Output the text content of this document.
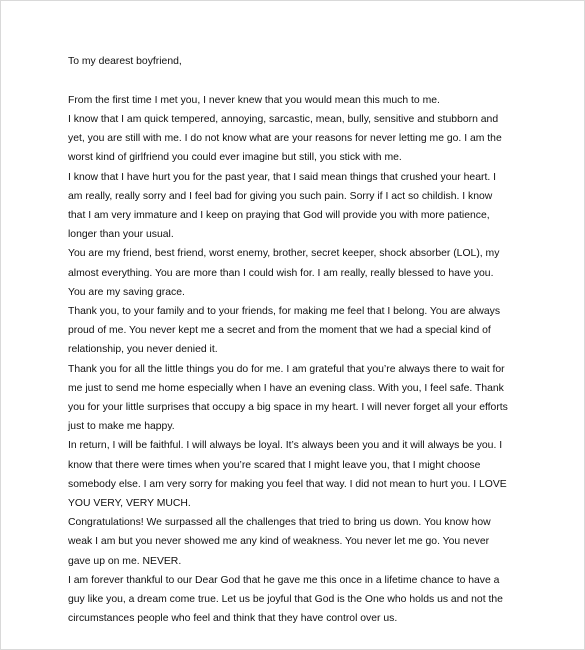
To my dearest boyfriend,

From the first time I met you, I never knew that you would mean this much to me.

I know that I am quick tempered, annoying, sarcastic, mean, bully, sensitive and stubborn and
yet, you are still with me. I do not know what are your reasons for never letting me go. I am the
worst kind of girlfriend you could ever imagine but still, you stick with me.

I know that I have hurt you for the past year, that I said mean things that crushed your heart. I
am really, really sorry and I feel bad for giving you such pain. Sorry if I act so childish. I know
that I am very immature and I keep on praying that God will provide you with more patience,
longer than your usual.

You are my friend, best friend, worst enemy, brother, secret keeper, shock absorber (LOL), my
almost everything. You are more than I could wish for. I am really, really blessed to have you.
You are my saving grace.

Thank you, to your family and to your friends, for making me feel that I belong. You are always
proud of me. You never kept me a secret and from the moment that we had a special kind of
relationship, you never denied it.

Thank you for all the little things you do for me. I am grateful that you’re always there to wait for
me just to send me home especially when I have an evening class. With you, I feel safe. Thank
you for your little surprises that occupy a big space in my heart. I will never forget all your efforts
just to make me happy.

In return, I will be faithful. I will always be loyal. It’s always been you and it will always be you. I
know that there were times when you’re scared that I might leave you, that I might choose
somebody else. I am very sorry for making you feel that way. I did not mean to hurt you. I LOVE
YOU VERY, VERY MUCH.

Congratulations! We surpassed all the challenges that tried to bring us down. You know how
weak I am but you never showed me any kind of weakness. You never let me go. You never
gave up on me. NEVER.

I am forever thankful to our Dear God that he gave me this once in a lifetime chance to have a
guy like you, a dream come true. Let us be joyful that God is the One who holds us and not the
circumstances people who feel and think that they have control over us.
